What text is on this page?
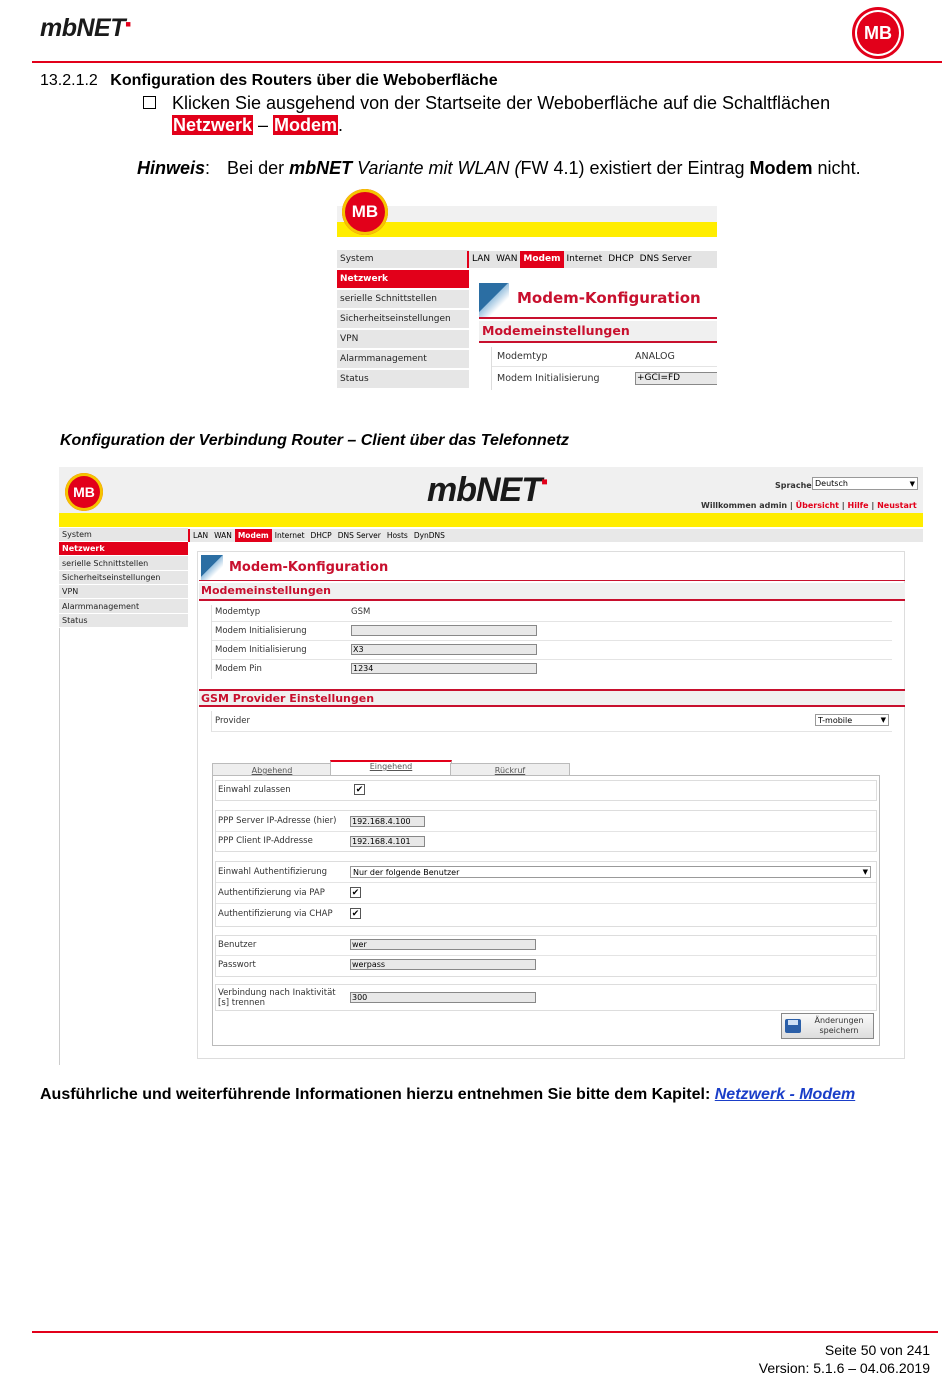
mbNET▪	MB
13.2.1.2 Konfiguration des Routers über die Weboberfläche
Klicken Sie ausgehend von der Startseite der Weboberfläche auf die Schaltflächen
Netzwerk – Modem.
Hinweis: Bei der mbNET Variante mit WLAN (FW 4.1) existiert der Eintrag Modem nicht.
MB
System
Netzwerk
serielle Schnittstellen
Sicherheitseinstellungen
VPN
Alarmmanagement
Status
LAN WAN Modem Internet DHCP DNS Server
Modem-Konfiguration
Modemeinstellungen
Modemtyp	ANALOG
Modem Initialisierung	+GCI=FD
Konfiguration der Verbindung Router – Client über das Telefonnetz
MB	mbNET▪	Sprache Deutsch	▼
Willkommen admin | Übersicht | Hilfe | Neustart
System
Netzwerk
serielle Schnittstellen
Sicherheitseinstellungen
VPN
Alarmmanagement
Status
LAN WAN Modem Internet DHCP DNS Server Hosts DynDNS
Modem-Konfiguration
Modemeinstellungen
Modemtyp	GSM
Modem Initialisierung
Modem Initialisierung	X3
Modem Pin	1234
GSM Provider Einstellungen
Provider	T-mobile	▼
Abgehend	Eingehend	Rückruf
Einwahl zulassen	✔
PPP Server IP-Adresse (hier) 192.168.4.100
PPP Client IP-Addresse	192.168.4.101
Einwahl Authentifizierung	Nur der folgende Benutzer	▼
Authentifizierung via PAP	✔
Authentifizierung via CHAP ✔
Benutzer	wer
Passwort	werpass
Verbindung nach Inaktivität
[s] trennen
300
Änderungen
speichern
Ausführliche und weiterführende Informationen hierzu entnehmen Sie bitte dem Kapitel: Netzwerk - Modem
Seite 50 von 241
Version: 5.1.6 – 04.06.2019
